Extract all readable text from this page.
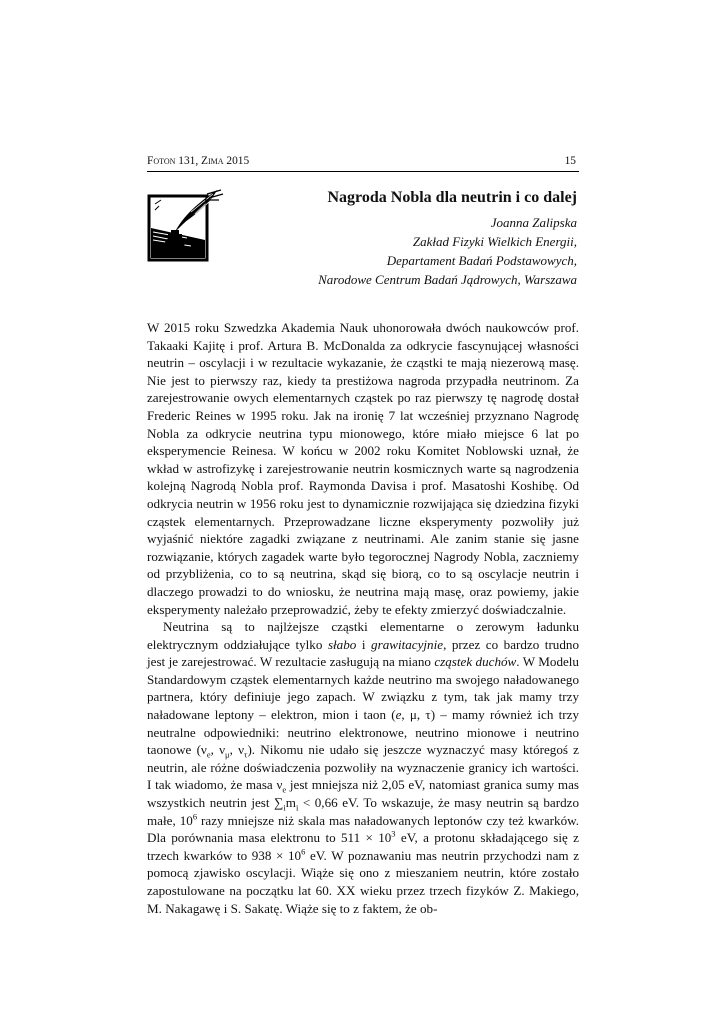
Foton 131, Zima 2015	15
Nagroda Nobla dla neutrin i co dalej
Joanna Zalipska
Zakład Fizyki Wielkich Energii,
Departament Badań Podstawowych,
Narodowe Centrum Badań Jądrowych, Warszawa

W 2015 roku Szwedzka Akademia Nauk uhonorowała dwóch naukowców prof. Takaaki Kajitę i prof. Artura B. McDonalda za odkrycie fascynującej własności neutrin – oscylacji i w rezultacie wykazanie, że cząstki te mają niezerową masę. Nie jest to pierwszy raz, kiedy ta prestiżowa nagroda przypadła neutrinom. Za zarejestrowanie owych elementarnych cząstek po raz pierwszy tę nagrodę dostał Frederic Reines w 1995 roku. Jak na ironię 7 lat wcześniej przyznano Nagrodę Nobla za odkrycie neutrina typu mionowego, które miało miejsce 6 lat po eksperymencie Reinesa. W końcu w 2002 roku Komitet Noblowski uznał, że wkład w astrofizykę i zarejestrowanie neutrin kosmicznych warte są nagrodzenia kolejną Nagrodą Nobla prof. Raymonda Davisa i prof. Masatoshi Koshibę. Od odkrycia neutrin w 1956 roku jest to dynamicznie rozwijająca się dziedzina fizyki cząstek elementarnych. Przeprowadzane liczne eksperymenty pozwoliły już wyjaśnić niektóre zagadki związane z neutrinami. Ale zanim stanie się jasne rozwiązanie, których zagadek warte było tegorocznej Nagrody Nobla, zaczniemy od przybliżenia, co to są neutrina, skąd się biorą, co to są oscylacje neutrin i dlaczego prowadzi to do wniosku, że neutrina mają masę, oraz powiemy, jakie eksperymenty należało przeprowadzić, żeby te efekty zmierzyć doświadczalnie.

Neutrina są to najlżejsze cząstki elementarne o zerowym ładunku elektrycznym oddziałujące tylko słabo i grawitacyjnie, przez co bardzo trudno jest je zarejestrować. W rezultacie zasługują na miano cząstek duchów. W Modelu Standardowym cząstek elementarnych każde neutrino ma swojego naładowanego partnera, który definiuje jego zapach. W związku z tym, tak jak mamy trzy naładowane leptony – elektron, mion i taon (e, μ, τ) – mamy również ich trzy neutralne odpowiedniki: neutrino elektronowe, neutrino mionowe i neutrino taonowe ($\nu_e$, $\nu_\mu$, $\nu_\tau$). Nikomu nie udało się jeszcze wyznaczyć masy któregoś z neutrin, ale różne doświadczenia pozwoliły na wyznaczenie granicy ich wartości. I tak wiadomo, że masa $\nu_e$ jest mniejsza niż 2,05 eV, natomiast granica sumy mas wszystkich neutrin jest $\sum_im_i < 0,66$ eV. To wskazuje, że masy neutrin są bardzo małe, $10^6$ razy mniejsze niż skala mas naładowanych leptonów czy też kwarków. Dla porównania masa elektronu to $511 \times 10^3$ eV, a protonu składającego się z trzech kwarków to $938 \times 10^6$ eV. W poznawaniu mas neutrin przychodzi nam z pomocą zjawisko oscylacji. Wiąże się ono z mieszaniem neutrin, które zostało zapostulowane na początku lat 60. XX wieku przez trzech fizyków Z. Makiego, M. Nakagawę i S. Sakatę. Wiąże się to z faktem, że ob-
